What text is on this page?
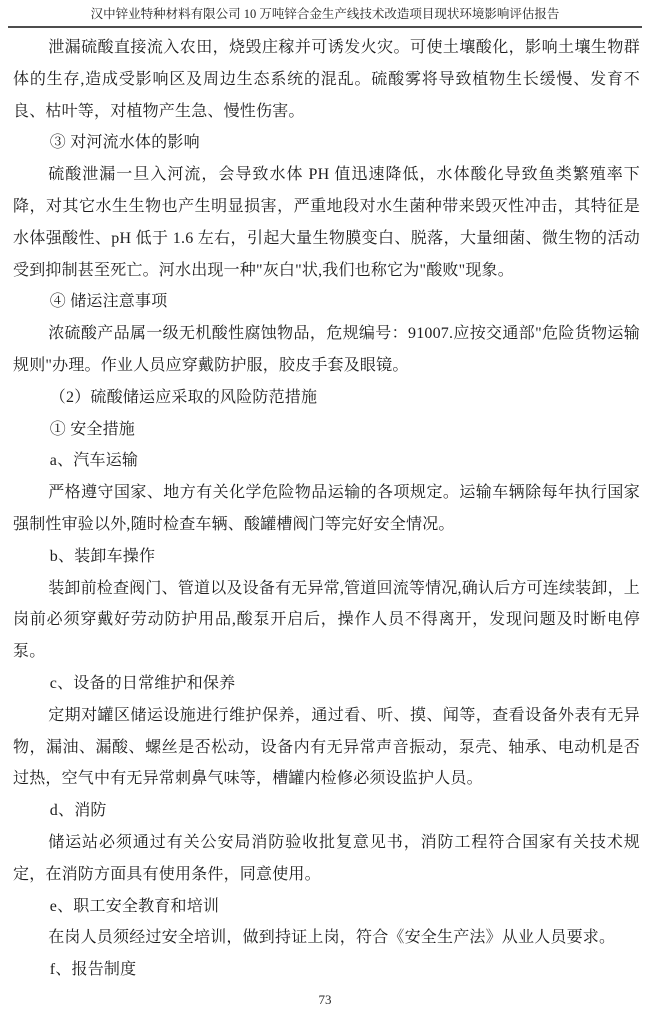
汉中锌业特种材料有限公司 10 万吨锌合金生产线技术改造项目现状环境影响评估报告

泄漏硫酸直接流入农田，烧毁庄稼并可诱发火灾。可使土壤酸化，影响土壤生物群体的生存,造成受影响区及周边生态系统的混乱。硫酸雾将导致植物生长缓慢、发育不良、枯叶等，对植物产生急、慢性伤害。

③ 对河流水体的影响

硫酸泄漏一旦入河流，会导致水体 PH 值迅速降低，水体酸化导致鱼类繁殖率下降，对其它水生生物也产生明显损害，严重地段对水生菌种带来毁灭性冲击，其特征是水体强酸性、pH 低于 1.6 左右，引起大量生物膜变白、脱落，大量细菌、微生物的活动受到抑制甚至死亡。河水出现一种"灰白"状,我们也称它为"酸败"现象。

④ 储运注意事项

浓硫酸产品属一级无机酸性腐蚀物品，危规编号：91007.应按交通部"危险货物运输规则"办理。作业人员应穿戴防护服，胶皮手套及眼镜。

（2）硫酸储运应采取的风险防范措施

① 安全措施

a、汽车运输

严格遵守国家、地方有关化学危险物品运输的各项规定。运输车辆除每年执行国家强制性审验以外,随时检查车辆、酸罐槽阀门等完好安全情况。

b、装卸车操作

装卸前检查阀门、管道以及设备有无异常,管道回流等情况,确认后方可连续装卸，上岗前必须穿戴好劳动防护用品,酸泵开启后，操作人员不得离开，发现问题及时断电停泵。

c、设备的日常维护和保养

定期对罐区储运设施进行维护保养，通过看、听、摸、闻等，查看设备外表有无异物，漏油、漏酸、螺丝是否松动，设备内有无异常声音振动，泵壳、轴承、电动机是否过热，空气中有无异常刺鼻气味等，槽罐内检修必须设监护人员。

d、消防

储运站必须通过有关公安局消防验收批复意见书，消防工程符合国家有关技术规定，在消防方面具有使用条件，同意使用。

e、职工安全教育和培训

在岗人员须经过安全培训，做到持证上岗，符合《安全生产法》从业人员要求。

f、报告制度

73
